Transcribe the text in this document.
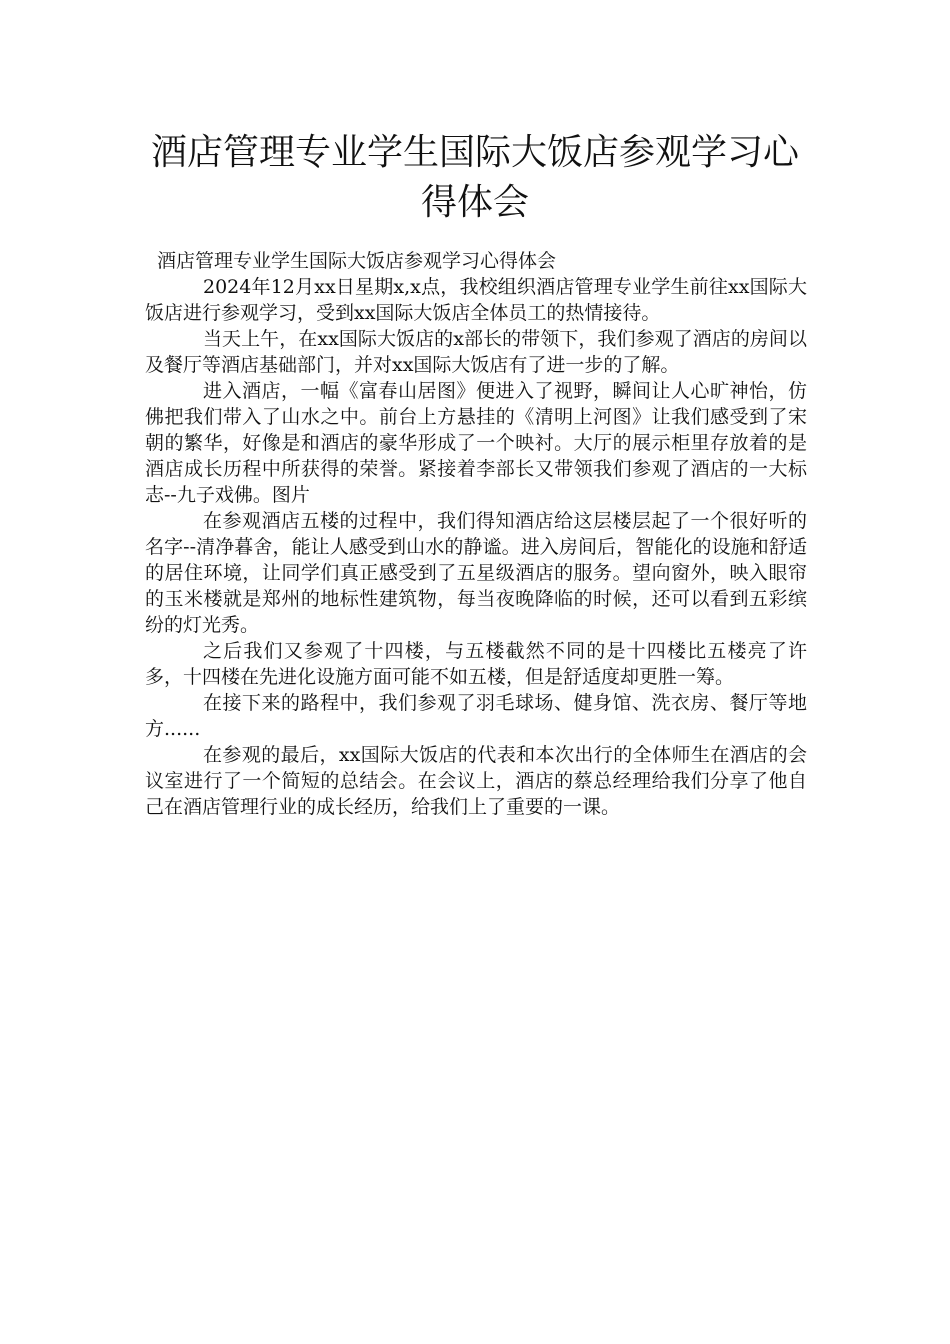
酒店管理专业学生国际大饭店参观学习心得体会

酒店管理专业学生国际大饭店参观学习心得体会

2024年12月xx日星期x,x点，我校组织酒店管理专业学生前往xx国际大饭店进行参观学习，受到xx国际大饭店全体员工的热情接待。

当天上午，在xx国际大饭店的x部长的带领下，我们参观了酒店的房间以及餐厅等酒店基础部门，并对xx国际大饭店有了进一步的了解。

进入酒店，一幅《富春山居图》便进入了视野，瞬间让人心旷神怡，仿佛把我们带入了山水之中。前台上方悬挂的《清明上河图》让我们感受到了宋朝的繁华，好像是和酒店的豪华形成了一个映衬。大厅的展示柜里存放着的是酒店成长历程中所获得的荣誉。紧接着李部长又带领我们参观了酒店的一大标志--九子戏佛。图片

在参观酒店五楼的过程中，我们得知酒店给这层楼层起了一个很好听的名字--清净暮舍，能让人感受到山水的静谧。进入房间后，智能化的设施和舒适的居住环境，让同学们真正感受到了五星级酒店的服务。望向窗外，映入眼帘的玉米楼就是郑州的地标性建筑物，每当夜晚降临的时候，还可以看到五彩缤纷的灯光秀。

之后我们又参观了十四楼，与五楼截然不同的是十四楼比五楼亮了许多，十四楼在先进化设施方面可能不如五楼，但是舒适度却更胜一筹。

在接下来的路程中，我们参观了羽毛球场、健身馆、洗衣房、餐厅等地方......

在参观的最后，xx国际大饭店的代表和本次出行的全体师生在酒店的会议室进行了一个简短的总结会。在会议上，酒店的蔡总经理给我们分享了他自己在酒店管理行业的成长经历，给我们上了重要的一课。
